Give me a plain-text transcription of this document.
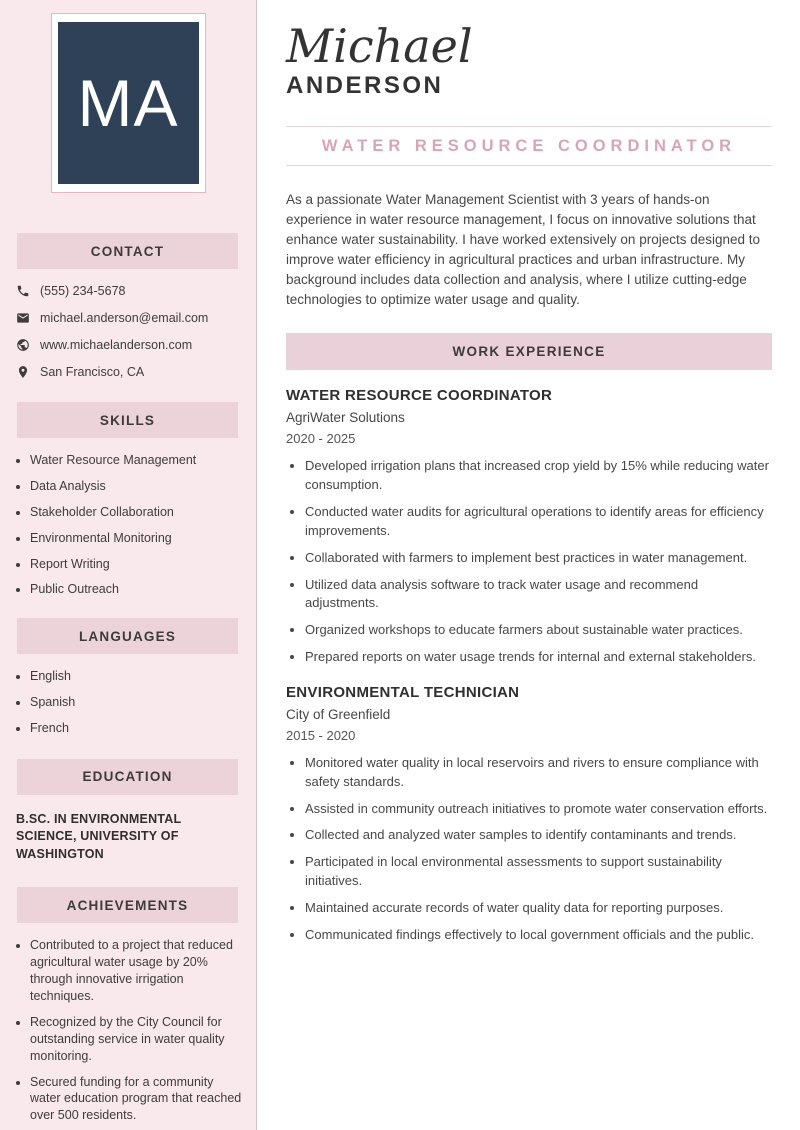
MA
CONTACT
(555) 234-5678
michael.anderson@email.com
www.michaelanderson.com
San Francisco, CA
SKILLS
• Water Resource Management
• Data Analysis
• Stakeholder Collaboration
• Environmental Monitoring
• Report Writing
• Public Outreach
LANGUAGES
• English
• Spanish
• French
EDUCATION
B.SC. IN ENVIRONMENTAL SCIENCE, UNIVERSITY OF WASHINGTON
ACHIEVEMENTS
• Contributed to a project that reduced agricultural water usage by 20% through innovative irrigation techniques.
• Recognized by the City Council for outstanding service in water quality monitoring.
• Secured funding for a community water education program that reached over 500 residents.
Michael
ANDERSON
WATER RESOURCE COORDINATOR

As a passionate Water Management Scientist with 3 years of hands-on experience in water resource management, I focus on innovative solutions that enhance water sustainability. I have worked extensively on projects designed to improve water efficiency in agricultural practices and urban infrastructure. My background includes data collection and analysis, where I utilize cutting-edge technologies to optimize water usage and quality.

WORK EXPERIENCE
WATER RESOURCE COORDINATOR
AgriWater Solutions
2020 - 2025
• Developed irrigation plans that increased crop yield by 15% while reducing water consumption.
• Conducted water audits for agricultural operations to identify areas for efficiency improvements.
• Collaborated with farmers to implement best practices in water management.
• Utilized data analysis software to track water usage and recommend adjustments.
• Organized workshops to educate farmers about sustainable water practices.
• Prepared reports on water usage trends for internal and external stakeholders.
ENVIRONMENTAL TECHNICIAN
City of Greenfield
2015 - 2020
• Monitored water quality in local reservoirs and rivers to ensure compliance with safety standards.
• Assisted in community outreach initiatives to promote water conservation efforts.
• Collected and analyzed water samples to identify contaminants and trends.
• Participated in local environmental assessments to support sustainability initiatives.
• Maintained accurate records of water quality data for reporting purposes.
• Communicated findings effectively to local government officials and the public.
